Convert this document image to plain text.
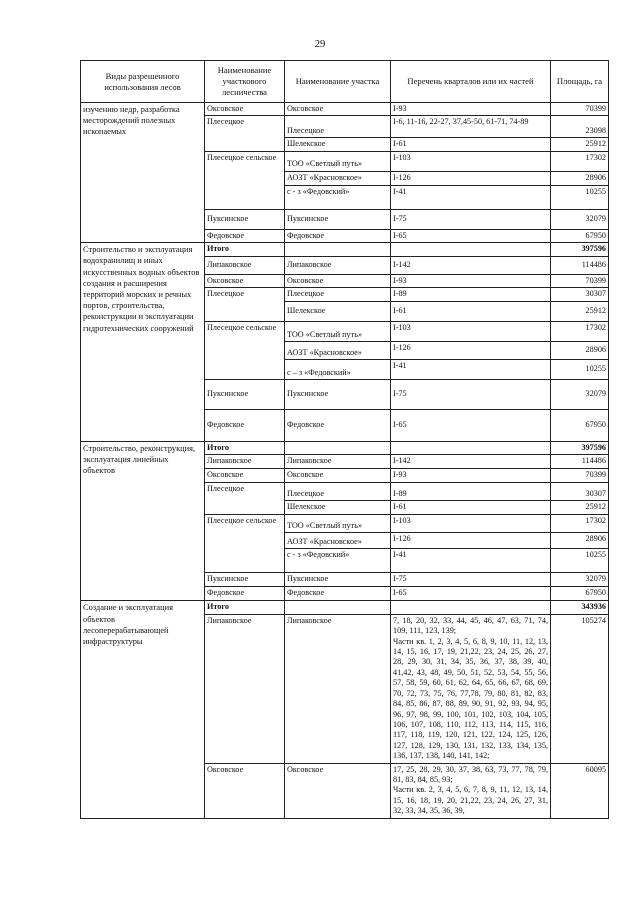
29
Виды разрешенного использования лесов	Наименование участкового лесничества	Наименование участка	Перечень кварталов или их частей	Площадь, га
изучению недр, разработка месторождений полезных ископаемых	Оксовское	Оксовское	I-93	70399
	Плесецкое	Плесецкое	I-6, 11-16, 22-27, 37,45-50, 61-71, 74-89	23098
		Шелекское	I-61	25912
	Плесецкое сельское	ТОО «Светлый путь»	I-103	17302
		АОЗТ «Красновское»	I-126	28906
		с - з «Федовский»	I-41	10255
	Пуксинское	Пуксинское	I-75	32079
	Федовское	Федовское	I-65	67950
Строительство и эксплуатация водохранилищ и иных искусственных водных объектов создания и расширения территорий морских и речных портов, строительства, реконструкции и эксплуатации гидротехнических сооружений	Итого			397596
	Липаковское	Липаковское	I-142	114486
	Оксовское	Оксовское	I-93	70399
	Плесецкое	Плесецкое	I-89	30307
		Шелекское	I-61	25912
	Плесецкое сельское	ТОО «Светлый путь»	I-103	17302
		АОЗТ «Красновское»	I-126	28906
		с – з «Федовский»	I-41	10255
	Пуксинское	Пуксинское	I-75	32079
	Федовское	Федовское	I-65	67950
Строительство, реконструкция, эксплуатация линейных объектов	Итого			397596
	Липаковское	Липаковское	I-142	114486
	Оксовское	Оксовское	I-93	70399
	Плесецкое	Плесецкое	I-89	30307
		Шелекское	I-61	25912
	Плесецкое сельское	ТОО «Светлый путь»	I-103	17302
		АОЗТ «Красновское»	I-126	28906
		с - з «Федовский»	I-41	10255
	Пуксинское	Пуксинское	I-75	32079
	Федовское	Федовское	I-65	67950
Создание и эксплуатация объектов лесоперерабатывающей инфраструктуры	Итого			343936
	Липаковское	Липаковское	7, 18, 20, 32, 33, 44, 45, 46, 47, 63, 71, 74, 109, 111, 123, 139;
Части кв. 1, 2, 3, 4, 5, 6, 8, 9, 10, 11, 12, 13, 14, 15, 16, 17, 19, 21,22, 23, 24, 25, 26, 27, 28, 29, 30, 31, 34, 35, 36, 37, 38, 39, 40, 41,42, 43, 48, 49, 50, 51, 52, 53, 54, 55, 56, 57, 58, 59, 60, 61, 62, 64, 65, 66, 67, 68, 69, 70, 72, 73, 75, 76, 77,78, 79, 80, 81, 82, 83, 84, 85, 86, 87, 88, 89, 90, 91, 92, 93, 94, 95, 96, 97, 98, 99, 100, 101, 102, 103, 104, 105, 106, 107, 108, 110, 112, 113, 114, 115, 116, 117, 118, 119, 120, 121, 122, 124, 125, 126, 127, 128, 129, 130, 131, 132, 133, 134, 135, 136, 137, 138, 140, 141, 142;	105274
	Оксовское	Оксовское	17, 25, 28, 29, 30, 37, 38, 63, 73, 77, 78, 79, 81, 83, 84, 85, 93;
Части кв. 2, 3, 4, 5, 6, 7, 8, 9, 11, 12, 13, 14, 15, 16, 18, 19, 20, 21,22, 23, 24, 26, 27, 31, 32, 33, 34, 35, 36, 39,	60095
